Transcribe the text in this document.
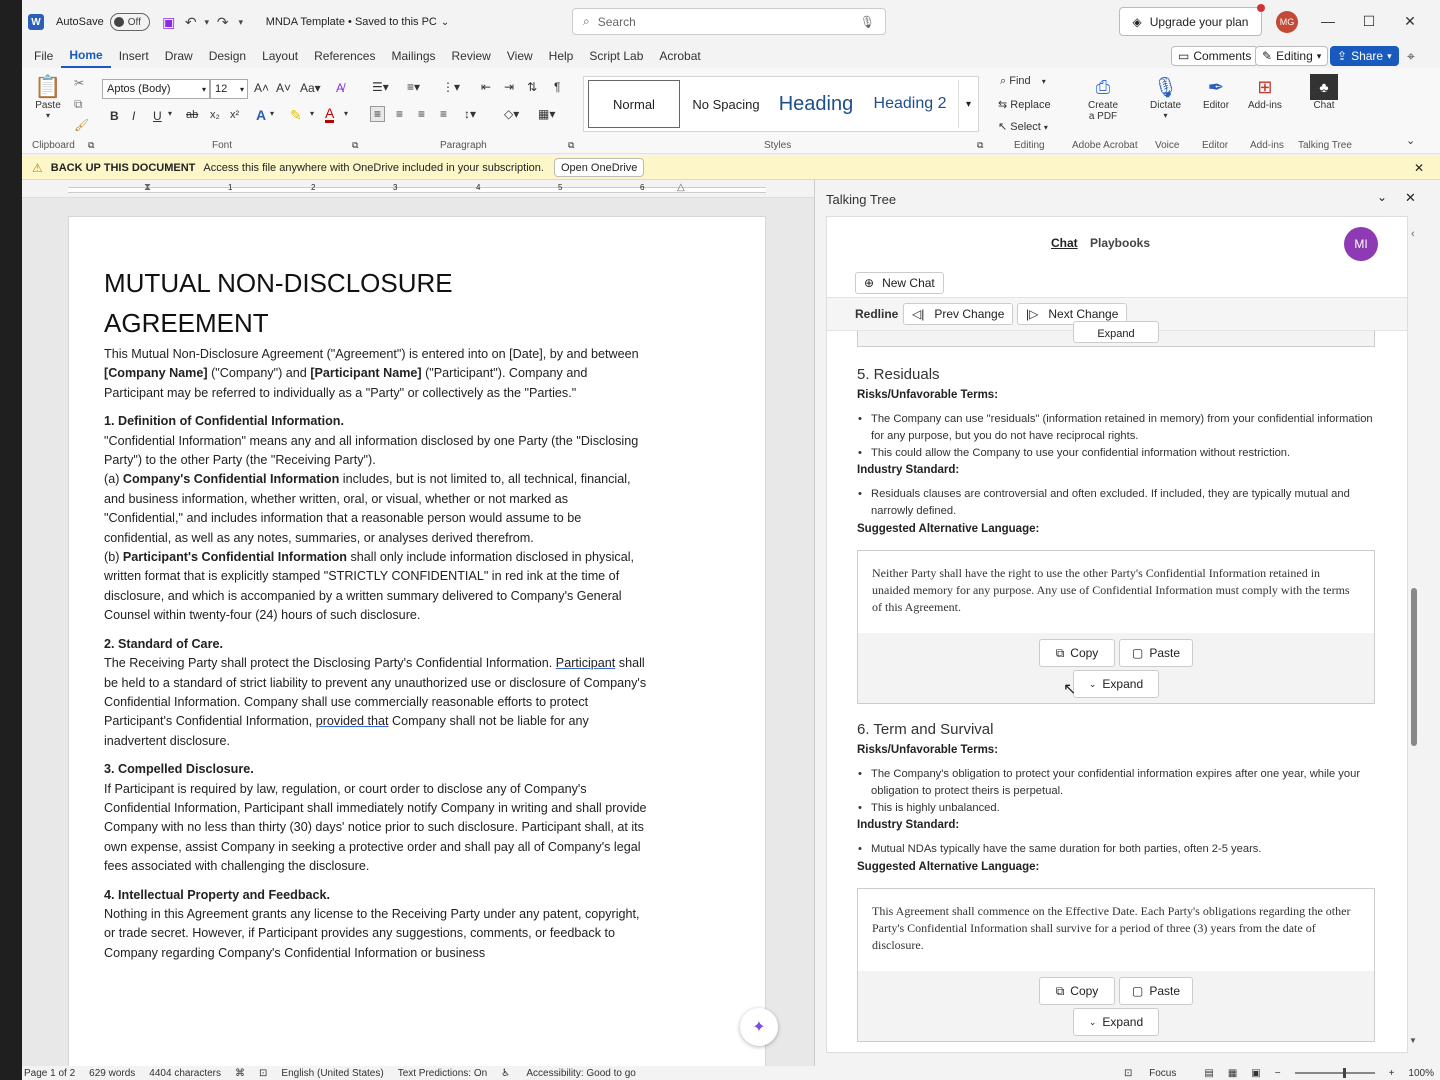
W AutoSave Off	▣ ↶ ▾ ↷	▾	MNDA Template • Saved to this PC ⌄	⌕ Search	🎙	◈ Upgrade your plan	MG	—	☐	✕
File	Home	Insert	Draw	Design	Layout	References	Mailings	Review	View	Help	Script Lab	Acrobat	▭ Comments ✎ Editing ▾ ⇪ Share ▾	⌖
📋
Paste
▾
✂
⧉
🖌
Clipboard ⧉
Aptos (Body)	▾ 12 ▾ A˄ A˅ Aa▾ A̸
B I U ▾ ab x₂ x² A ▾ ✎ ▾ A ▾
Font	⧉
☰▾ ≡▾ ⋮▾ ⇤ ⇥ ⇅ ¶
≡	≡ ≡ ≡ ↕▾ ◇▾ ▦▾
Paragraph	⧉
Normal	No Spacing Heading	Heading 2	▾
Styles	⧉
⌕ Find ▾
⇆ Replace
↖ Select ▾
Editing
⎙
Create
a PDF
Adobe Acrobat
🎙
Dictate
▾
Voice
✒
Editor
Editor
⊞
Add-ins
Add-ins
♣
Chat
Talking Tree	⌄
⚠ BACK UP THIS DOCUMENT Access this file anywhere with OneDrive included in your subscription.	Open OneDrive	✕
1	2	3	4	5	6
⧗	△
MUTUAL NON-DISCLOSURE
AGREEMENT

This Mutual Non-Disclosure Agreement ("Agreement") is entered into on [Date], by and between [Company Name] ("Company") and [Participant Name] ("Participant"). Company and Participant may be referred to individually as a "Party" or collectively as the "Parties."

1. Definition of Confidential Information.
"Confidential Information" means any and all information disclosed by one Party (the "Disclosing Party") to the other Party (the "Receiving Party").
(a) Company's Confidential Information includes, but is not limited to, all technical, financial, and business information, whether written, oral, or visual, whether or not marked as "Confidential," and includes information that a reasonable person would assume to be confidential, as well as any notes, summaries, or analyses derived therefrom.

(b) Participant's Confidential Information shall only include information disclosed in physical, written format that is explicitly stamped "STRICTLY CONFIDENTIAL" in red ink at the time of disclosure, and which is accompanied by a written summary delivered to Company's General Counsel within twenty-four (24) hours of such disclosure.

2. Standard of Care.

The Receiving Party shall protect the Disclosing Party's Confidential Information. Participant shall be held to a standard of strict liability to prevent any unauthorized use or disclosure of Company's Confidential Information. Company shall use commercially reasonable efforts to protect Participant's Confidential Information, provided that Company shall not be liable for any inadvertent disclosure.

3. Compelled Disclosure.

If Participant is required by law, regulation, or court order to disclose any of Company's Confidential Information, Participant shall immediately notify Company in writing and shall provide Company with no less than thirty (30) days' notice prior to such disclosure. Participant shall, at its own expense, assist Company in seeking a protective order and shall pay all of Company's legal fees associated with challenging the disclosure.

4. Intellectual Property and Feedback.
Nothing in this Agreement grants any license to the Receiving Party under any patent, copyright, or trade secret. However, if Participant provides any suggestions, comments, or feedback to Company regarding Company's Confidential Information or business
✦
Talking Tree	⌄ ✕
‹
Chat Playbooks	MI
⊕ New Chat
Redline ◁| Prev Change |▷ Next Change
Expand
5. Residuals
Risks/Unfavorable Terms:
• The Company can use "residuals" (information retained in memory) from your confidential information for any purpose, but you do not have reciprocal rights.
• This could allow the Company to use your confidential information without restriction.
Industry Standard:
• Residuals clauses are controversial and often excluded. If included, they are typically mutual and narrowly defined.
Suggested Alternative Language:
Neither Party shall have the right to use the other Party's Confidential Information retained in unaided memory for any purpose. Any use of Confidential Information must comply with the terms of this Agreement.
⧉ Copy	▢ Paste
⌄ Expand
↖
6. Term and Survival
Risks/Unfavorable Terms:
• The Company's obligation to protect your confidential information expires after one year, while your obligation to protect theirs is perpetual.
• This is highly unbalanced.
Industry Standard:
• Mutual NDAs typically have the same duration for both parties, often 2-5 years.
Suggested Alternative Language:
This Agreement shall commence on the Effective Date. Each Party's obligations regarding the other Party's Confidential Information shall survive for a period of three (3) years from the date of disclosure.
⧉ Copy	▢ Paste
⌄ Expand
▼
Page 1 of 2 629 words 4404 characters ⌘ ⊡ English (United States) Text Predictions: On ♿ Accessibility: Good to go	⊡ Focus	▤ ▦ ▣ −	+ 100%
